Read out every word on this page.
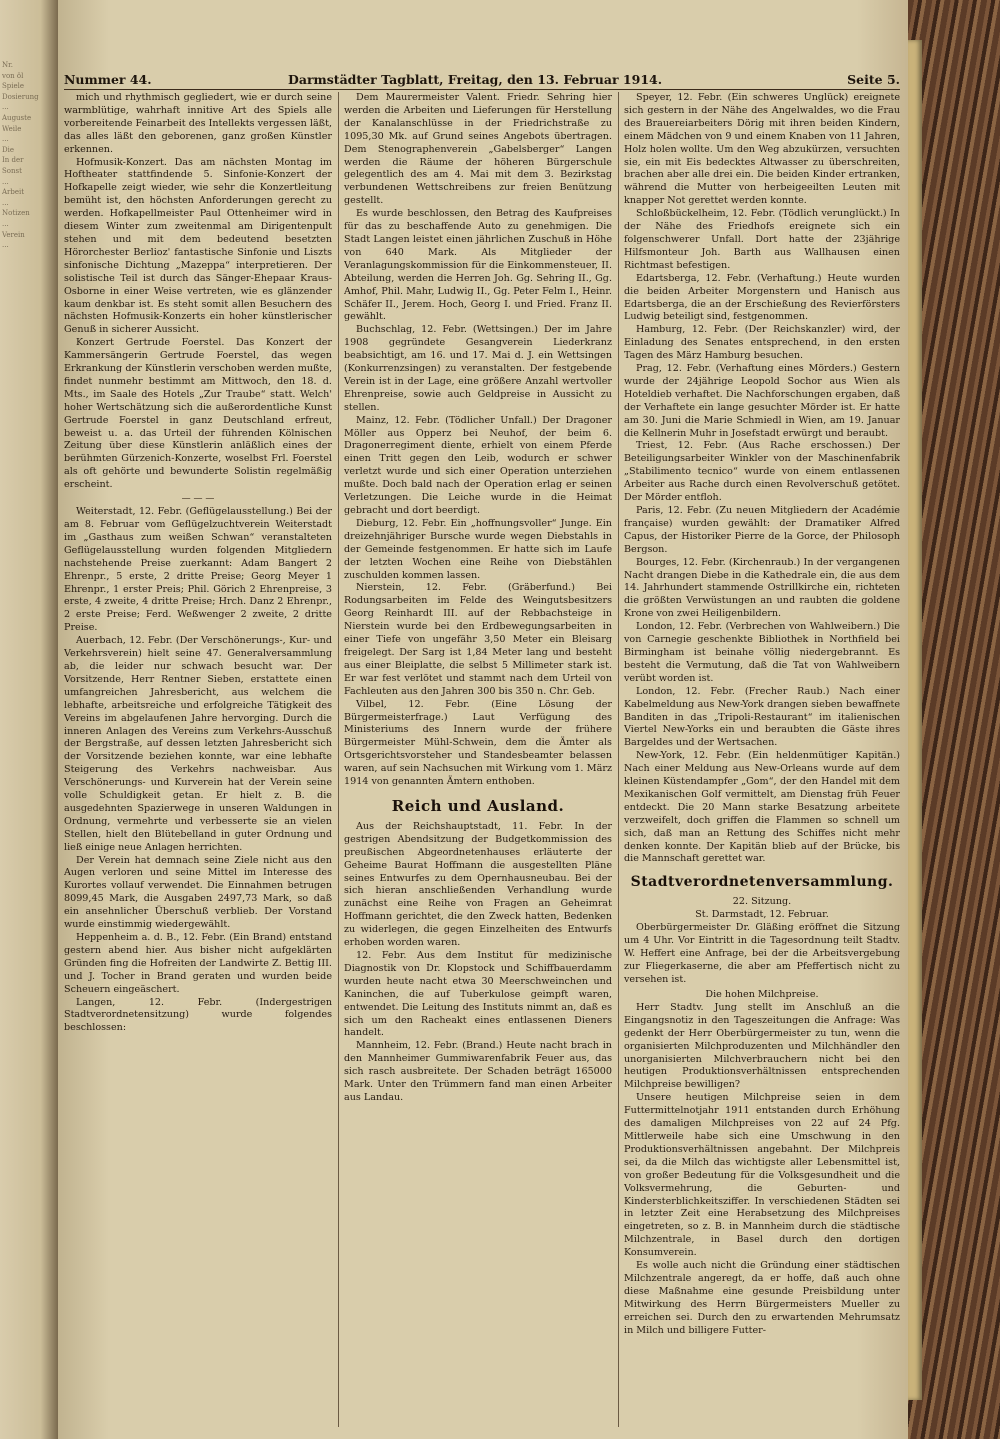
Nr.
von öl
Spiele
Dosierung
...
Auguste
Weile
...
Die
In der
Sonst
...
Arbeit
...
Notizen
...
Verein
...
Nummer 44.	Darmstädter Tagblatt, Freitag, den 13. Februar 1914.	Seite 5.

mich und rhythmisch gegliedert, wie er durch seine warmblütige, wahrhaft innitive Art des Spiels alle vorbereitende Feinarbeit des Intellekts vergessen läßt, das alles läßt den geborenen, ganz großen Künstler erkennen.

Hofmusik-Konzert. Das am nächsten Montag im Hoftheater stattfindende 5. Sinfonie-Konzert der Hofkapelle zeigt wieder, wie sehr die Konzertleitung bemüht ist, den höchsten Anforderungen gerecht zu werden. Hofkapellmeister Paul Ottenheimer wird in diesem Winter zum zweitenmal am Dirigentenpult stehen und mit dem bedeutend besetzten Hörorchester Berlioz' fantastische Sinfonie und Liszts sinfonische Dichtung „Mazeppa“ interpretieren. Der solistische Teil ist durch das Sänger-Ehepaar Kraus-Osborne in einer Weise vertreten, wie es glänzender kaum denkbar ist. Es steht somit allen Besuchern des nächsten Hofmusik-Konzerts ein hoher künstlerischer Genuß in sicherer Aussicht.

Konzert Gertrude Foerstel. Das Konzert der Kammersängerin Gertrude Foerstel, das wegen Erkrankung der Künstlerin verschoben werden mußte, findet nunmehr bestimmt am Mittwoch, den 18. d. Mts., im Saale des Hotels „Zur Traube“ statt. Welch' hoher Wertschätzung sich die außerordentliche Kunst Gertrude Foerstel in ganz Deutschland erfreut, beweist u. a. das Urteil der führenden Kölnischen Zeitung über diese Künstlerin anläßlich eines der berühmten Gürzenich-Konzerte, woselbst Frl. Foerstel als oft gehörte und bewunderte Solistin regelmäßig erscheint.

— — —

Weiterstadt, 12. Febr. (Geflügelausstellung.) Bei der am 8. Februar vom Geflügelzuchtverein Weiterstadt im „Gasthaus zum weißen Schwan“ veranstalteten Geflügelausstellung wurden folgenden Mitgliedern nachstehende Preise zuerkannt: Adam Bangert 2 Ehrenpr., 5 erste, 2 dritte Preise; Georg Meyer 1 Ehrenpr., 1 erster Preis; Phil. Görich 2 Ehrenpreise, 3 erste, 4 zweite, 4 dritte Preise; Hrch. Danz 2 Ehrenpr., 2 erste Preise; Ferd. Weßwenger 2 zweite, 2 dritte Preise.

Auerbach, 12. Febr. (Der Verschönerungs-, Kur- und Verkehrsverein) hielt seine 47. Generalversammlung ab, die leider nur schwach besucht war. Der Vorsitzende, Herr Rentner Sieben, erstattete einen umfangreichen Jahresbericht, aus welchem die lebhafte, arbeitsreiche und erfolgreiche Tätigkeit des Vereins im abgelaufenen Jahre hervorging. Durch die inneren Anlagen des Vereins zum Verkehrs-Ausschuß der Bergstraße, auf dessen letzten Jahresbericht sich der Vorsitzende beziehen konnte, war eine lebhafte Steigerung des Verkehrs nachweisbar. Aus Verschönerungs- und Kurverein hat der Verein seine volle Schuldigkeit getan. Er hielt z. B. die ausgedehnten Spazierwege in unseren Waldungen in Ordnung, vermehrte und verbesserte sie an vielen Stellen, hielt den Blütebelland in guter Ordnung und ließ einige neue Anlagen herrichten.

Der Verein hat demnach seine Ziele nicht aus den Augen verloren und seine Mittel im Interesse des Kurortes vollauf verwendet. Die Einnahmen betrugen 8099,45 Mark, die Ausgaben 2497,73 Mark, so daß ein ansehnlicher Überschuß verblieb. Der Vorstand wurde einstimmig wiedergewählt.

Heppenheim a. d. B., 12. Febr. (Ein Brand) entstand gestern abend hier. Aus bisher nicht aufgeklärten Gründen fing die Hofreiten der Landwirte Z. Bettig III. und J. Tocher in Brand geraten und wurden beide Scheuern eingeäschert.

Langen, 12. Febr. (Indergestrigen Stadtverordnetensitzung) wurde folgendes beschlossen:

Dem Maurermeister Valent. Friedr. Sehring hier werden die Arbeiten und Lieferungen für Herstellung der Kanalanschlüsse in der Friedrichstraße zu 1095,30 Mk. auf Grund seines Angebots übertragen. Dem Stenographenverein „Gabelsberger“ Langen werden die Räume der höheren Bürgerschule gelegentlich des am 4. Mai mit dem 3. Bezirkstag verbundenen Wettschreibens zur freien Benützung gestellt.

Es wurde beschlossen, den Betrag des Kaufpreises für das zu beschaffende Auto zu genehmigen. Die Stadt Langen leistet einen jährlichen Zuschuß in Höhe von 640 Mark. Als Mitglieder der Veranlagungskommission für die Einkommensteuer, II. Abteilung, werden die Herren Joh. Gg. Sehring II., Gg. Amhof, Phil. Mahr, Ludwig II., Gg. Peter Felm I., Heinr. Schäfer II., Jerem. Hoch, Georg I. und Fried. Franz II. gewählt.

Buchschlag, 12. Febr. (Wettsingen.) Der im Jahre 1908 gegründete Gesangverein Liederkranz beabsichtigt, am 16. und 17. Mai d. J. ein Wettsingen (Konkurrenzsingen) zu veranstalten. Der festgebende Verein ist in der Lage, eine größere Anzahl wertvoller Ehrenpreise, sowie auch Geldpreise in Aussicht zu stellen.

Mainz, 12. Febr. (Tödlicher Unfall.) Der Dragoner Möller aus Opperz bei Neuhof, der beim 6. Dragonerregiment diente, erhielt von einem Pferde einen Tritt gegen den Leib, wodurch er schwer verletzt wurde und sich einer Operation unterziehen mußte. Doch bald nach der Operation erlag er seinen Verletzungen. Die Leiche wurde in die Heimat gebracht und dort beerdigt.

Dieburg, 12. Febr. Ein „hoffnungsvoller“ Junge. Ein dreizehnjähriger Bursche wurde wegen Diebstahls in der Gemeinde festgenommen. Er hatte sich im Laufe der letzten Wochen eine Reihe von Diebstählen zuschulden kommen lassen.

Nierstein, 12. Febr. (Gräberfund.) Bei Rodungsarbeiten im Felde des Weingutsbesitzers Georg Reinhardt III. auf der Rebbachsteige in Nierstein wurde bei den Erdbewegungsarbeiten in einer Tiefe von ungefähr 3,50 Meter ein Bleisarg freigelegt. Der Sarg ist 1,84 Meter lang und besteht aus einer Bleiplatte, die selbst 5 Millimeter stark ist. Er war fest verlötet und stammt nach dem Urteil von Fachleuten aus den Jahren 300 bis 350 n. Chr. Geb.

Vilbel, 12. Febr. (Eine Lösung der Bürgermeisterfrage.) Laut Verfügung des Ministeriums des Innern wurde der frühere Bürgermeister Mühl-Schwein, dem die Ämter als Ortsgerichtsvorsteher und Standesbeamter belassen waren, auf sein Nachsuchen mit Wirkung vom 1. März 1914 von genannten Ämtern enthoben.

Reich und Ausland.

Aus der Reichshauptstadt, 11. Febr. In der gestrigen Abendsitzung der Budgetkommission des preußischen Abgeordnetenhauses erläuterte der Geheime Baurat Hoffmann die ausgestellten Pläne seines Entwurfes zu dem Opernhausneubau. Bei der sich hieran anschließenden Verhandlung wurde zunächst eine Reihe von Fragen an Geheimrat Hoffmann gerichtet, die den Zweck hatten, Bedenken zu widerlegen, die gegen Einzelheiten des Entwurfs erhoben worden waren.

12. Febr. Aus dem Institut für medizinische Diagnostik von Dr. Klopstock und Schiffbauerdamm wurden heute nacht etwa 30 Meerschweinchen und Kaninchen, die auf Tuberkulose geimpft waren, entwendet. Die Leitung des Instituts nimmt an, daß es sich um den Racheakt eines entlassenen Dieners handelt.

Mannheim, 12. Febr. (Brand.) Heute nacht brach in den Mannheimer Gummiwarenfabrik Feuer aus, das sich rasch ausbreitete. Der Schaden beträgt 165000 Mark. Unter den Trümmern fand man einen Arbeiter aus Landau.

Speyer, 12. Febr. (Ein schweres Unglück) ereignete sich gestern in der Nähe des Angelwaldes, wo die Frau des Brauereiarbeiters Dörig mit ihren beiden Kindern, einem Mädchen von 9 und einem Knaben von 11 Jahren, Holz holen wollte. Um den Weg abzukürzen, versuchten sie, ein mit Eis bedecktes Altwasser zu überschreiten, brachen aber alle drei ein. Die beiden Kinder ertranken, während die Mutter von herbeigeeilten Leuten mit knapper Not gerettet werden konnte.

Schloßbückelheim, 12. Febr. (Tödlich verunglückt.) In der Nähe des Friedhofs ereignete sich ein folgenschwerer Unfall. Dort hatte der 23jährige Hilfsmonteur Joh. Barth aus Wallhausen einen Richtmast befestigen.

Edartsberga, 12. Febr. (Verhaftung.) Heute wurden die beiden Arbeiter Morgenstern und Hanisch aus Edartsberga, die an der Erschießung des Revierförsters Ludwig beteiligt sind, festgenommen.

Hamburg, 12. Febr. (Der Reichskanzler) wird, der Einladung des Senates entsprechend, in den ersten Tagen des März Hamburg besuchen.

Prag, 12. Febr. (Verhaftung eines Mörders.) Gestern wurde der 24jährige Leopold Sochor aus Wien als Hoteldieb verhaftet. Die Nachforschungen ergaben, daß der Verhaftete ein lange gesuchter Mörder ist. Er hatte am 30. Juni die Marie Schmiedl in Wien, am 19. Januar die Kellnerin Muhr in Josefstadt erwürgt und beraubt.

Triest, 12. Febr. (Aus Rache erschossen.) Der Beteiligungsarbeiter Winkler von der Maschinenfabrik „Stabilimento tecnico“ wurde von einem entlassenen Arbeiter aus Rache durch einen Revolverschuß getötet. Der Mörder entfloh.

Paris, 12. Febr. (Zu neuen Mitgliedern der Académie française) wurden gewählt: der Dramatiker Alfred Capus, der Historiker Pierre de la Gorce, der Philosoph Bergson.

Bourges, 12. Febr. (Kirchenraub.) In der vergangenen Nacht drangen Diebe in die Kathedrale ein, die aus dem 14. Jahrhundert stammende Ostrillkirche ein, richteten die größten Verwüstungen an und raubten die goldene Krone von zwei Heiligenbildern.

London, 12. Febr. (Verbrechen von Wahlweibern.) Die von Carnegie geschenkte Bibliothek in Northfield bei Birmingham ist beinahe völlig niedergebrannt. Es besteht die Vermutung, daß die Tat von Wahlweibern verübt worden ist.

London, 12. Febr. (Frecher Raub.) Nach einer Kabelmeldung aus New-York drangen sieben bewaffnete Banditen in das „Tripoli-Restaurant“ im italienischen Viertel New-Yorks ein und beraubten die Gäste ihres Bargeldes und der Wertsachen.

New-York, 12. Febr. (Ein heldenmütiger Kapitän.) Nach einer Meldung aus New-Orleans wurde auf dem kleinen Küstendampfer „Gom“, der den Handel mit dem Mexikanischen Golf vermittelt, am Dienstag früh Feuer entdeckt. Die 20 Mann starke Besatzung arbeitete verzweifelt, doch griffen die Flammen so schnell um sich, daß man an Rettung des Schiffes nicht mehr denken konnte. Der Kapitän blieb auf der Brücke, bis die Mannschaft gerettet war.

Stadtverordnetenversammlung.
22. Sitzung.
St. Darmstadt, 12. Februar.

Oberbürgermeister Dr. Gläßing eröffnet die Sitzung um 4 Uhr. Vor Eintritt in die Tagesordnung teilt Stadtv. W. Heffert eine Anfrage, bei der die Arbeitsvergebung zur Fliegerkaserne, die aber am Pfeffertisch nicht zu versehen ist.

Die hohen Milchpreise.

Herr Stadtv. Jung stellt im Anschluß an die Eingangsnotiz in den Tageszeitungen die Anfrage: Was gedenkt der Herr Oberbürgermeister zu tun, wenn die organisierten Milchproduzenten und Milchhändler den unorganisierten Milchverbrauchern nicht bei den heutigen Produktionsverhältnissen entsprechenden Milchpreise bewilligen?

Unsere heutigen Milchpreise seien in dem Futtermittelnotjahr 1911 entstanden durch Erhöhung des damaligen Milchpreises von 22 auf 24 Pfg. Mittlerweile habe sich eine Umschwung in den Produktionsverhältnissen angebahnt. Der Milchpreis sei, da die Milch das wichtigste aller Lebensmittel ist, von großer Bedeutung für die Volksgesundheit und die Volksvermehrung, die Geburten- und Kindersterblichkeitsziffer. In verschiedenen Städten sei in letzter Zeit eine Herabsetzung des Milchpreises eingetreten, so z. B. in Mannheim durch die städtische Milchzentrale, in Basel durch den dortigen Konsumverein.

Es wolle auch nicht die Gründung einer städtischen Milchzentrale angeregt, da er hoffe, daß auch ohne diese Maßnahme eine gesunde Preisbildung unter Mitwirkung des Herrn Bürgermeisters Mueller zu erreichen sei. Durch den zu erwartenden Mehrumsatz in Milch und billigere Futter-
